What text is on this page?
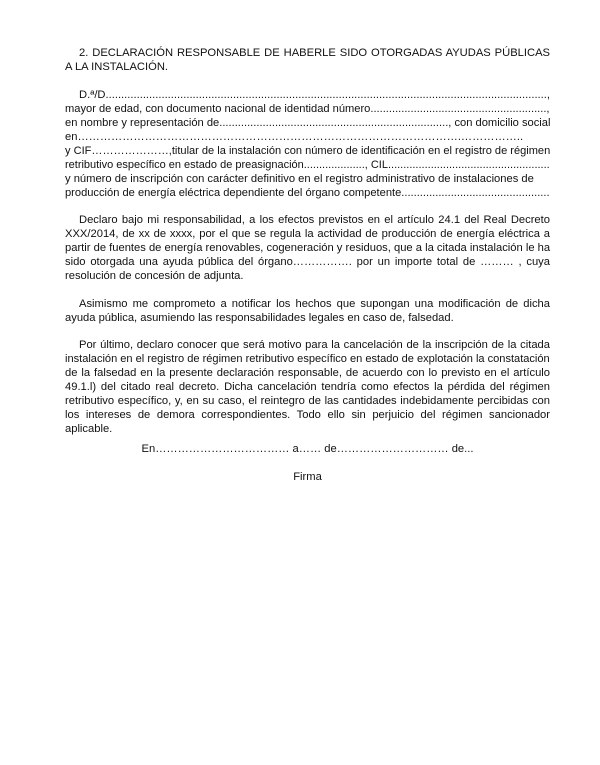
2. DECLARACIÓN RESPONSABLE DE HABERLE SIDO OTORGADAS AYUDAS PÚBLICAS
A LA INSTALACIÓN.
D.ª/D..............................................................................................................................................,
mayor de edad, con documento nacional de identidad número.........................................................,
en nombre y representación de.........................................................................., con domicilio social
en………………………………………………………………………………………….……………..
y CIF…………………,titular de la instalación con número de identificación en el registro de régimen
retributivo específico en estado de preasignación...................., CIL.....................................................
y número de inscripción con carácter definitivo en el registro administrativo de instalaciones de
producción de energía eléctrica dependiente del órgano competente................................................
Declaro bajo mi responsabilidad, a los efectos previstos en el artículo 24.1 del Real Decreto
XXX/2014, de xx de xxxx, por el que se regula la actividad de producción de energía eléctrica a
partir de fuentes de energía renovables, cogeneración y residuos, que a la citada instalación le ha
sido otorgada una ayuda pública del órgano……………. por un importe total de ……… , cuya
resolución de concesión de adjunta.
Asimismo me comprometo a notificar los hechos que supongan una modificación de dicha
ayuda pública, asumiendo las responsabilidades legales en caso de, falsedad.
Por último, declaro conocer que será motivo para la cancelación de la inscripción de la citada
instalación en el registro de régimen retributivo específico en estado de explotación la constatación
de la falsedad en la presente declaración responsable, de acuerdo con lo previsto en el artículo
49.1.l) del citado real decreto. Dicha cancelación tendría como efectos la pérdida del régimen
retributivo específico, y, en su caso, el reintegro de las cantidades indebidamente percibidas con
los intereses de demora correspondientes. Todo ello sin perjuicio del régimen sancionador
aplicable.
En……………………………… a…… de………………………… de...
Firma
